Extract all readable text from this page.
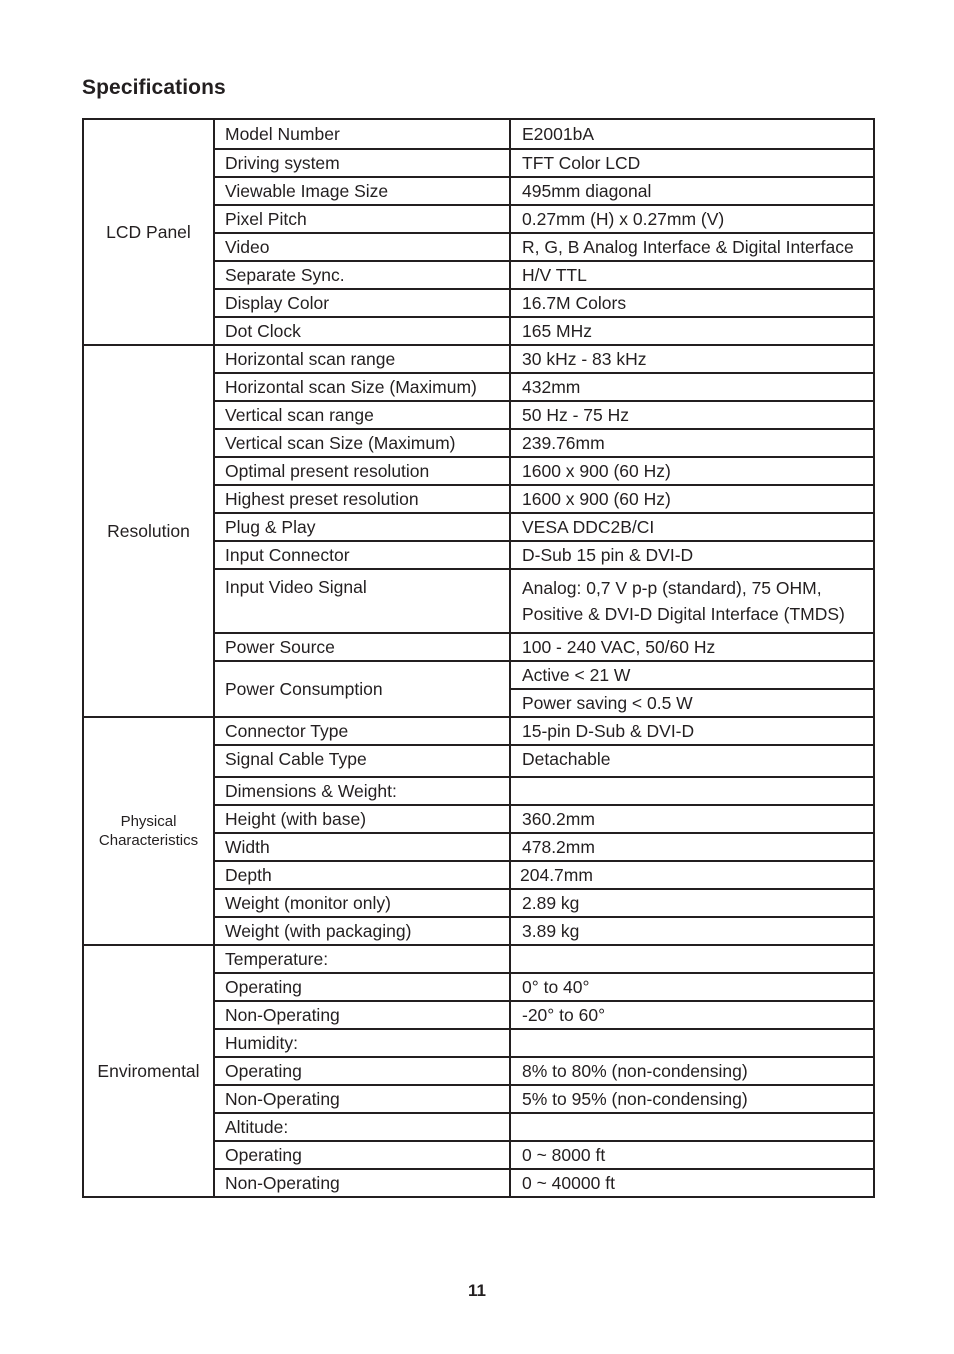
Specifications
LCD Panel	Model Number	E2001bA
	Driving system	TFT Color LCD
	Viewable Image Size	495mm diagonal
	Pixel Pitch	0.27mm (H) x 0.27mm (V)
	Video	R, G, B Analog Interface & Digital Interface
	Separate Sync.	H/V TTL
	Display Color	16.7M Colors
	Dot Clock	165 MHz
Resolution	Horizontal scan range	30 kHz - 83 kHz
	Horizontal scan Size (Maximum)	432mm
	Vertical scan range	50 Hz - 75 Hz
	Vertical scan Size (Maximum)	239.76mm
	Optimal present resolution	1600 x 900 (60 Hz)
	Highest preset resolution	1600 x 900 (60 Hz)
	Plug & Play	VESA DDC2B/CI
	Input Connector	D-Sub 15 pin & DVI-D
	Input Video Signal	Analog: 0,7 V p-p (standard), 75 OHM,
Positive & DVI-D Digital Interface (TMDS)

	Power Source	100 - 240 VAC, 50/60 Hz
	Power Consumption	Active < 21 W
		Power saving < 0.5 W

Physical
Characteristics	Connector Type	15-pin D-Sub & DVI-D
	Signal Cable Type	Detachable
	Dimensions & Weight:	
	Height (with base)	360.2mm
	Width	478.2mm
	Depth	204.7mm
	Weight (monitor only)	2.89 kg
	Weight (with packaging)	3.89 kg
Enviromental	Temperature:	
	Operating	0° to 40°
	Non-Operating	-20° to 60°
	Humidity:	
	Operating	8% to 80% (non-condensing)
	Non-Operating	5% to 95% (non-condensing)
	Altitude:	
	Operating	0 ~ 8000 ft
	Non-Operating	0 ~ 40000 ft
11
